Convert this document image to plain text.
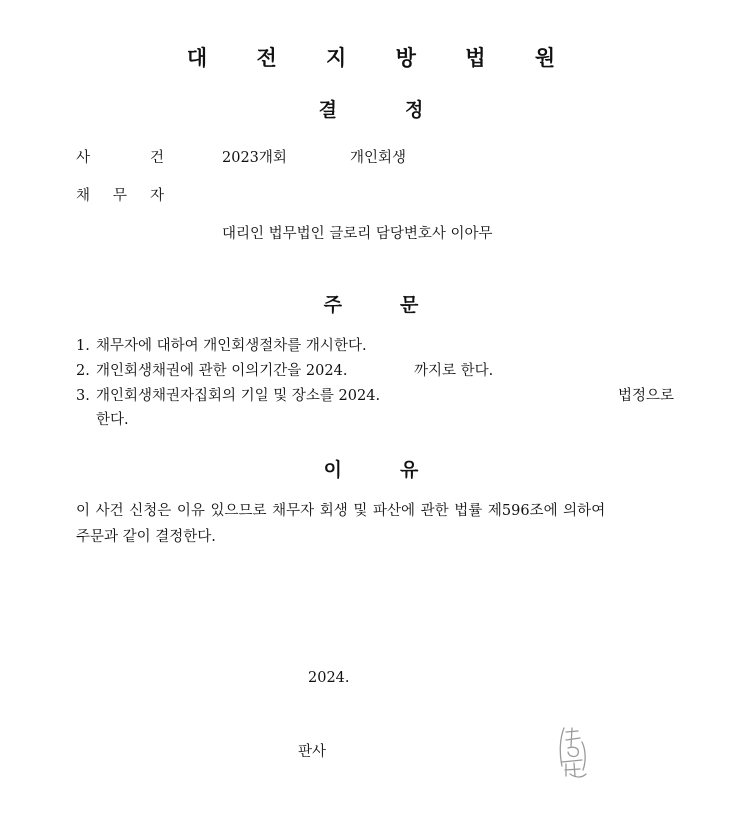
대 전 지 방 법 원
결	정
사	건	2023개회	개인회생
채 무 자
대리인 법무법인 글로리 담당변호사 이아무
주	문
1. 채무자에 대하여 개인회생절차를 개시한다.
2. 개인회생채권에 관한 이의기간을 2024.	까지로 한다.
3. 개인회생채권자집회의 기일 및 장소를 2024.	법정으로
한다.
이	유
이 사건 신청은 이유 있으므로 채무자 회생 및 파산에 관한 법률 제596조에 의하여
주문과 같이 결정한다.
2024.
판사
